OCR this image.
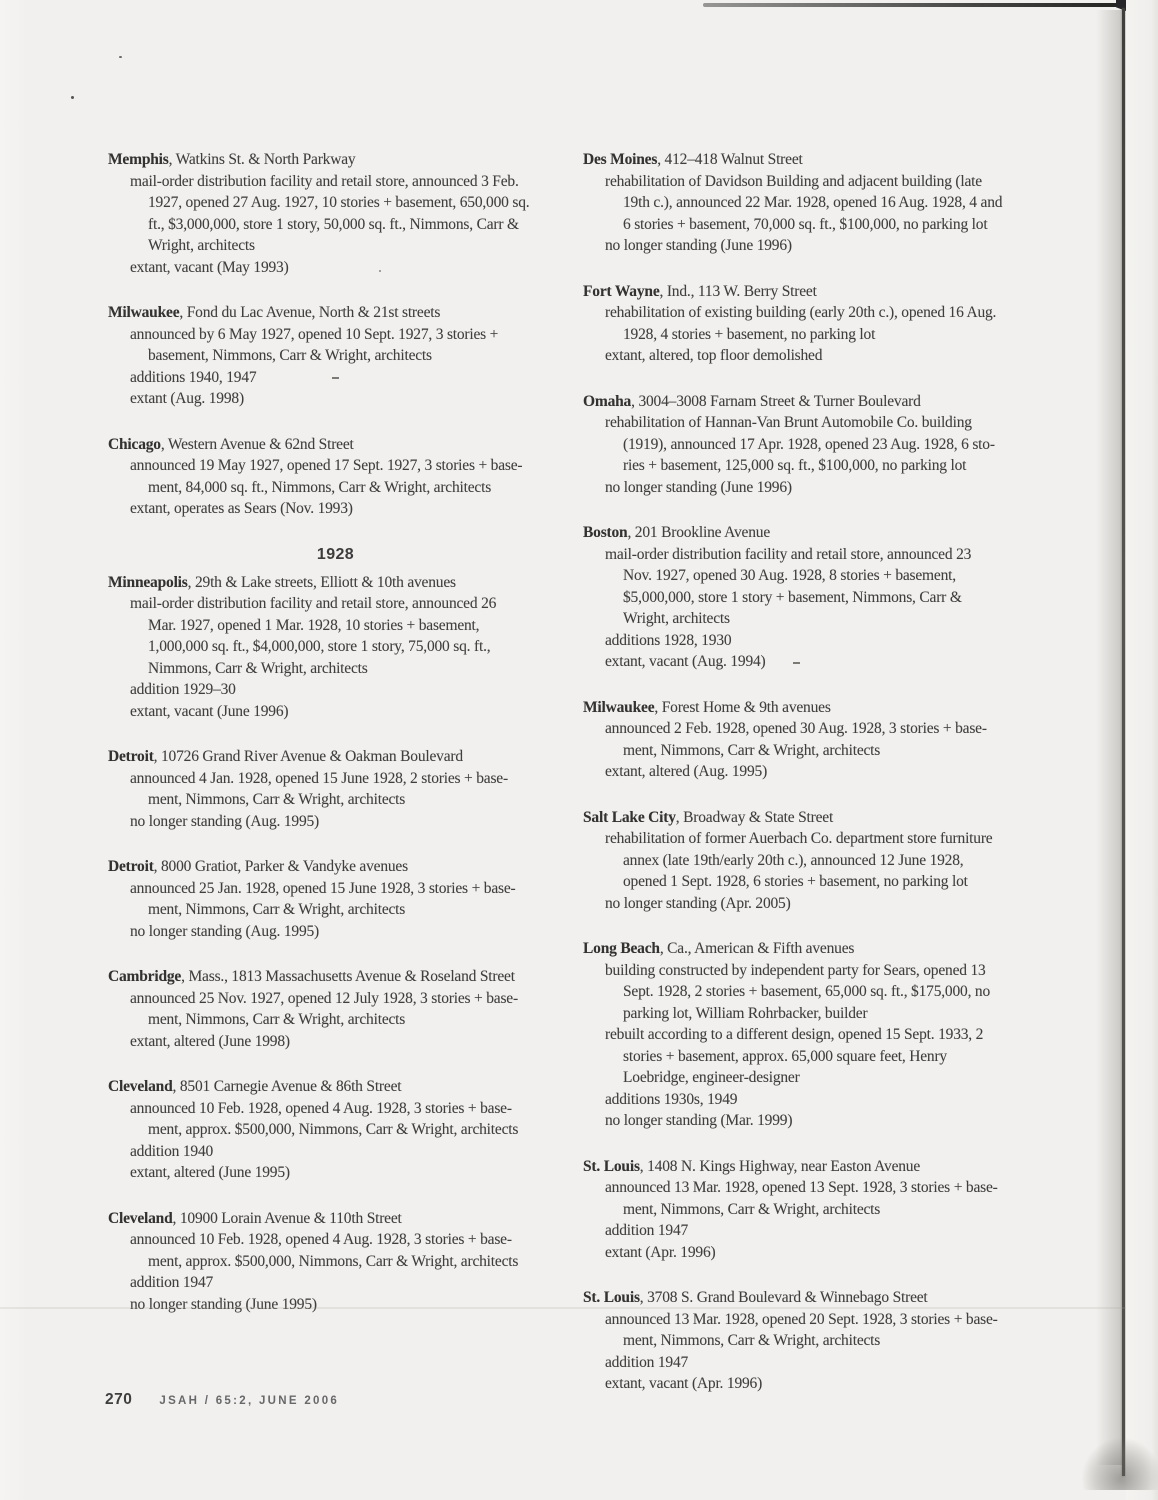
Memphis, Watkins St. & North Parkway

mail-order distribution facility and retail store, announced 3 Feb.
1927, opened 27 Aug. 1927, 10 stories + basement, 650,000 sq.
ft., $3,000,000, store 1 story, 50,000 sq. ft., Nimmons, Carr &
Wright, architects
extant, vacant (May 1993)

Milwaukee, Fond du Lac Avenue, North & 21st streets

announced by 6 May 1927, opened 10 Sept. 1927, 3 stories +
basement, Nimmons, Carr & Wright, architects
additions 1940, 1947
extant (Aug. 1998)

Chicago, Western Avenue & 62nd Street

announced 19 May 1927, opened 17 Sept. 1927, 3 stories + base-
ment, 84,000 sq. ft., Nimmons, Carr & Wright, architects
extant, operates as Sears (Nov. 1993)
1928

Minneapolis, 29th & Lake streets, Elliott & 10th avenues

mail-order distribution facility and retail store, announced 26
Mar. 1927, opened 1 Mar. 1928, 10 stories + basement,
1,000,000 sq. ft., $4,000,000, store 1 story, 75,000 sq. ft.,
Nimmons, Carr & Wright, architects
addition 1929–30
extant, vacant (June 1996)

Detroit, 10726 Grand River Avenue & Oakman Boulevard

announced 4 Jan. 1928, opened 15 June 1928, 2 stories + base-
ment, Nimmons, Carr & Wright, architects
no longer standing (Aug. 1995)

Detroit, 8000 Gratiot, Parker & Vandyke avenues

announced 25 Jan. 1928, opened 15 June 1928, 3 stories + base-
ment, Nimmons, Carr & Wright, architects
no longer standing (Aug. 1995)

Cambridge, Mass., 1813 Massachusetts Avenue & Roseland Street

announced 25 Nov. 1927, opened 12 July 1928, 3 stories + base-
ment, Nimmons, Carr & Wright, architects
extant, altered (June 1998)

Cleveland, 8501 Carnegie Avenue & 86th Street

announced 10 Feb. 1928, opened 4 Aug. 1928, 3 stories + base-
ment, approx. $500,000, Nimmons, Carr & Wright, architects
addition 1940
extant, altered (June 1995)

Cleveland, 10900 Lorain Avenue & 110th Street

announced 10 Feb. 1928, opened 4 Aug. 1928, 3 stories + base-
ment, approx. $500,000, Nimmons, Carr & Wright, architects
addition 1947
no longer standing (June 1995)

Des Moines, 412–418 Walnut Street

rehabilitation of Davidson Building and adjacent building (late
19th c.), announced 22 Mar. 1928, opened 16 Aug. 1928, 4 and
6 stories + basement, 70,000 sq. ft., $100,000, no parking lot
no longer standing (June 1996)

Fort Wayne, Ind., 113 W. Berry Street

rehabilitation of existing building (early 20th c.), opened 16 Aug.
1928, 4 stories + basement, no parking lot
extant, altered, top floor demolished

Omaha, 3004–3008 Farnam Street & Turner Boulevard

rehabilitation of Hannan-Van Brunt Automobile Co. building
(1919), announced 17 Apr. 1928, opened 23 Aug. 1928, 6 sto-
ries + basement, 125,000 sq. ft., $100,000, no parking lot
no longer standing (June 1996)

Boston, 201 Brookline Avenue

mail-order distribution facility and retail store, announced 23
Nov. 1927, opened 30 Aug. 1928, 8 stories + basement,
$5,000,000, store 1 story + basement, Nimmons, Carr &
Wright, architects
additions 1928, 1930
extant, vacant (Aug. 1994)

Milwaukee, Forest Home & 9th avenues

announced 2 Feb. 1928, opened 30 Aug. 1928, 3 stories + base-
ment, Nimmons, Carr & Wright, architects
extant, altered (Aug. 1995)

Salt Lake City, Broadway & State Street

rehabilitation of former Auerbach Co. department store furniture
annex (late 19th/early 20th c.), announced 12 June 1928,
opened 1 Sept. 1928, 6 stories + basement, no parking lot
no longer standing (Apr. 2005)

Long Beach, Ca., American & Fifth avenues

building constructed by independent party for Sears, opened 13
Sept. 1928, 2 stories + basement, 65,000 sq. ft., $175,000, no
parking lot, William Rohrbacker, builder
rebuilt according to a different design, opened 15 Sept. 1933, 2
stories + basement, approx. 65,000 square feet, Henry
Loebridge, engineer-designer
additions 1930s, 1949
no longer standing (Mar. 1999)

St. Louis, 1408 N. Kings Highway, near Easton Avenue

announced 13 Mar. 1928, opened 13 Sept. 1928, 3 stories + base-
ment, Nimmons, Carr & Wright, architects
addition 1947
extant (Apr. 1996)

St. Louis, 3708 S. Grand Boulevard & Winnebago Street

announced 13 Mar. 1928, opened 20 Sept. 1928, 3 stories + base-
ment, Nimmons, Carr & Wright, architects
addition 1947
extant, vacant (Apr. 1996)
270 JSAH / 65:2, JUNE 2006
